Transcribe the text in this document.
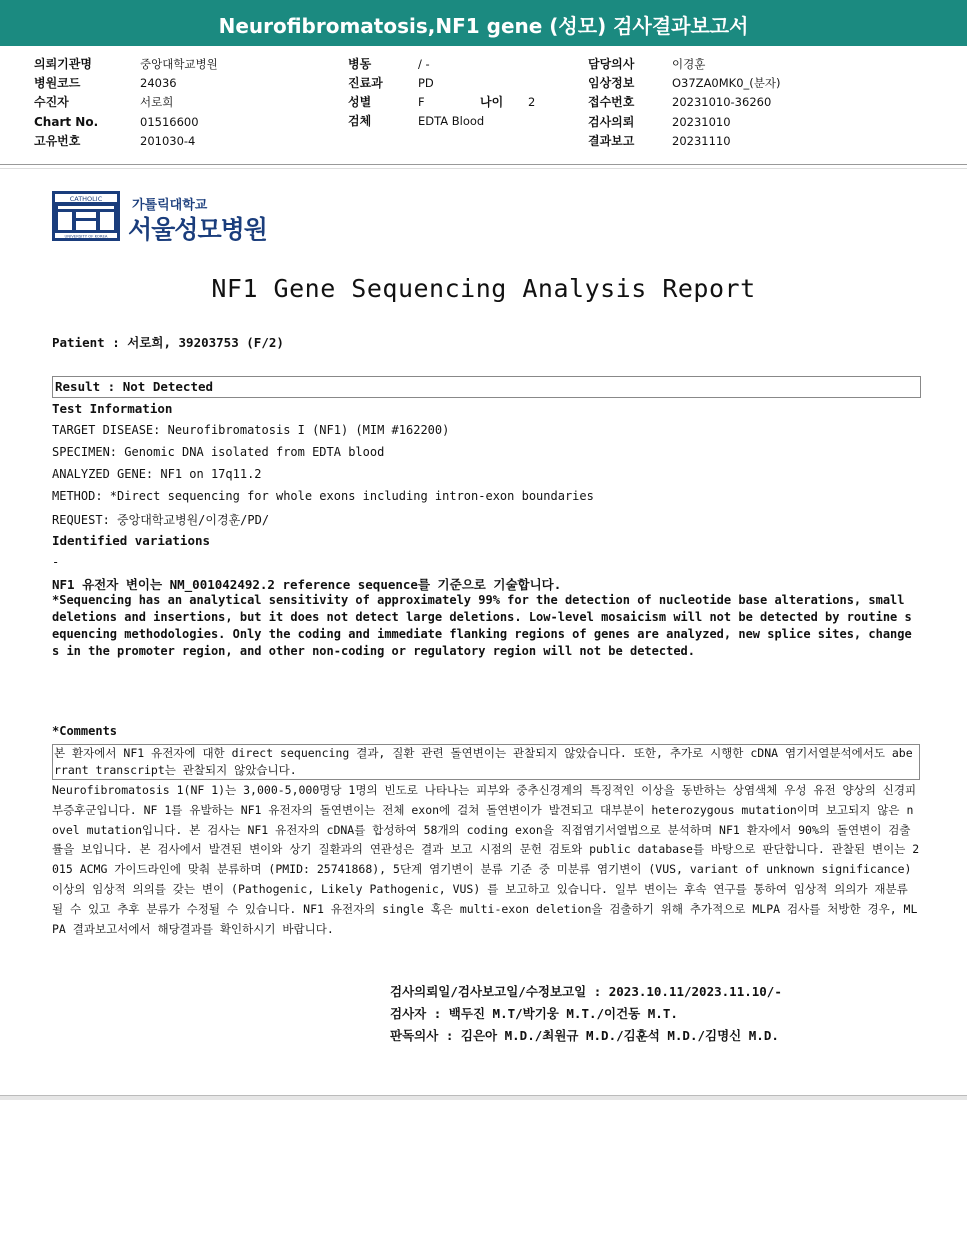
Neurofibromatosis,NF1 gene (성모) 검사결과보고서
의뢰기관명	중앙대학교병원
병원코드	24036
수진자	서로희
Chart No.	01516600
고유번호	201030-4
병동	/ -
진료과	PD
성별	F	나이 2
검체	EDTA Blood
담당의사	이경훈
임상정보	O37ZA0MK0_(분자)
접수번호	20231010-36260
검사의뢰	20231010
결과보고	20231110
CATHOLIC
UNIVERSITY OF KOREA
가톨릭대학교
서울성모병원
NF1 Gene Sequencing Analysis Report
Patient : 서로희, 39203753 (F/2)
Result : Not Detected
Test Information
TARGET DISEASE: Neurofibromatosis I (NF1) (MIM #162200)
SPECIMEN: Genomic DNA isolated from EDTA blood
ANALYZED GENE: NF1 on 17q11.2
METHOD: *Direct sequencing for whole exons including intron-exon boundaries
REQUEST: 중앙대학교병원/이경훈/PD/
Identified variations
-
NF1 유전자 변이는 NM_001042492.2 reference sequence를 기준으로 기술합니다.
*Sequencing has an analytical sensitivity of approximately 99% for the detection of nucleotide base alterations, small deletions and insertions, but it does not detect large deletions. Low-level mosaicism will not be detected by routine sequencing methodologies. Only the coding and immediate flanking regions of genes are analyzed, new splice sites, changes in the promoter region, and other non-coding or regulatory region will not be detected.
*Comments
본 환자에서 NF1 유전자에 대한 direct sequencing 결과, 질환 관련 돌연변이는 관찰되지 않았습니다. 또한, 추가로 시행한 cDNA 염기서열분석에서도 aberrant transcript는 관찰되지 않았습니다.
Neurofibromatosis 1(NF 1)는 3,000-5,000명당 1명의 빈도로 나타나는 피부와 중추신경계의 특징적인 이상을 동반하는 상염색체 우성 유전 양상의 신경피부증후군입니다. NF 1를 유발하는 NF1 유전자의 돌연변이는 전체 exon에 걸쳐 돌연변이가 발견되고 대부분이 heterozygous mutation이며 보고되지 않은 novel mutation입니다. 본 검사는 NF1 유전자의 cDNA를 합성하여 58개의 coding exon을 직접염기서열법으로 분석하며 NF1 환자에서 90%의 돌연변이 검출률을 보입니다. 본 검사에서 발견된 변이와 상기 질환과의 연관성은 결과 보고 시점의 문헌 검토와 public database를 바탕으로 판단합니다. 관찰된 변이는 2015 ACMG 가이드라인에 맞춰 분류하며 (PMID: 25741868), 5단계 염기변이 분류 기준 중 미분류 염기변이 (VUS, variant of unknown significance) 이상의 임상적 의의를 갖는 변이 (Pathogenic, Likely Pathogenic, VUS) 를 보고하고 있습니다. 일부 변이는 후속 연구를 통하여 임상적 의의가 재분류 될 수 있고 추후 분류가 수정될 수 있습니다. NF1 유전자의 single 혹은 multi-exon deletion을 검출하기 위해 추가적으로 MLPA 검사를 처방한 경우, MLPA 결과보고서에서 해당결과를 확인하시기 바랍니다.
검사의뢰일/검사보고일/수정보고일 : 2023.10.11/2023.11.10/-
검사자 : 백두진 M.T/박기웅 M.T./이건동 M.T.
판독의사 : 김은아 M.D./최원규 M.D./김훈석 M.D./김명신 M.D.
